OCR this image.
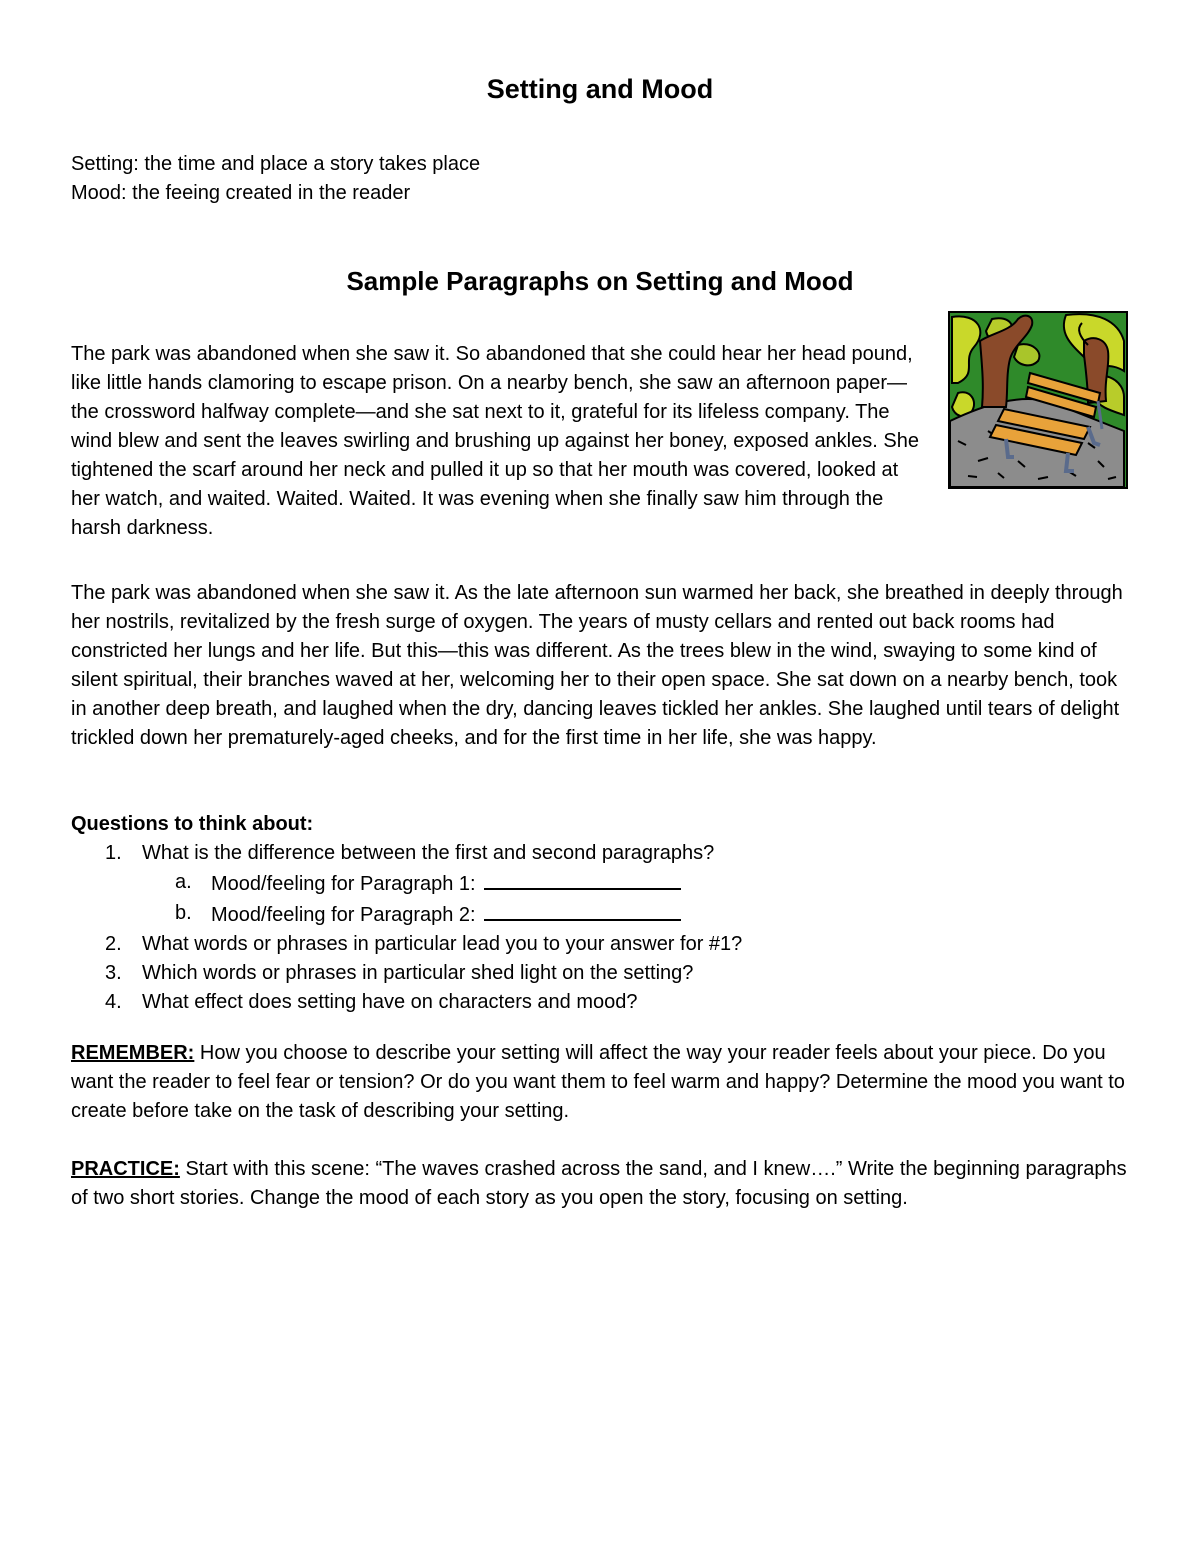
Setting and Mood
Setting: the time and place a story takes place
Mood: the feeing created in the reader
Sample Paragraphs on Setting and Mood

The park was abandoned when she saw it. So abandoned that she could hear her head pound, like little hands clamoring to escape prison. On a nearby bench, she saw an afternoon paper—the crossword halfway complete—and she sat next to it, grateful for its lifeless company. The wind blew and sent the leaves swirling and brushing up against her boney, exposed ankles. She tightened the scarf around her neck and pulled it up so that her mouth was covered, looked at her watch, and waited. Waited. Waited. It was evening when she finally saw him through the harsh darkness.

The park was abandoned when she saw it. As the late afternoon sun warmed her back, she breathed in deeply through her nostrils, revitalized by the fresh surge of oxygen. The years of musty cellars and rented out back rooms had constricted her lungs and her life. But this—this was different. As the trees blew in the wind, swaying to some kind of silent spiritual, their branches waved at her, welcoming her to their open space. She sat down on a nearby bench, took in another deep breath, and laughed when the dry, dancing leaves tickled her ankles. She laughed until tears of delight trickled down her prematurely-aged cheeks, and for the first time in her life, she was happy.

Questions to think about:

1. What is the difference between the first and second paragraphs?
a. Mood/feeling for Paragraph 1:
b. Mood/feeling for Paragraph 2:
2. What words or phrases in particular lead you to your answer for #1?
3. Which words or phrases in particular shed light on the setting?
4. What effect does setting have on characters and mood?

REMEMBER: How you choose to describe your setting will affect the way your reader feels about your piece. Do you want the reader to feel fear or tension? Or do you want them to feel warm and happy? Determine the mood you want to create before take on the task of describing your setting.

PRACTICE: Start with this scene: “The waves crashed across the sand, and I knew….” Write the beginning paragraphs of two short stories. Change the mood of each story as you open the story, focusing on setting.
